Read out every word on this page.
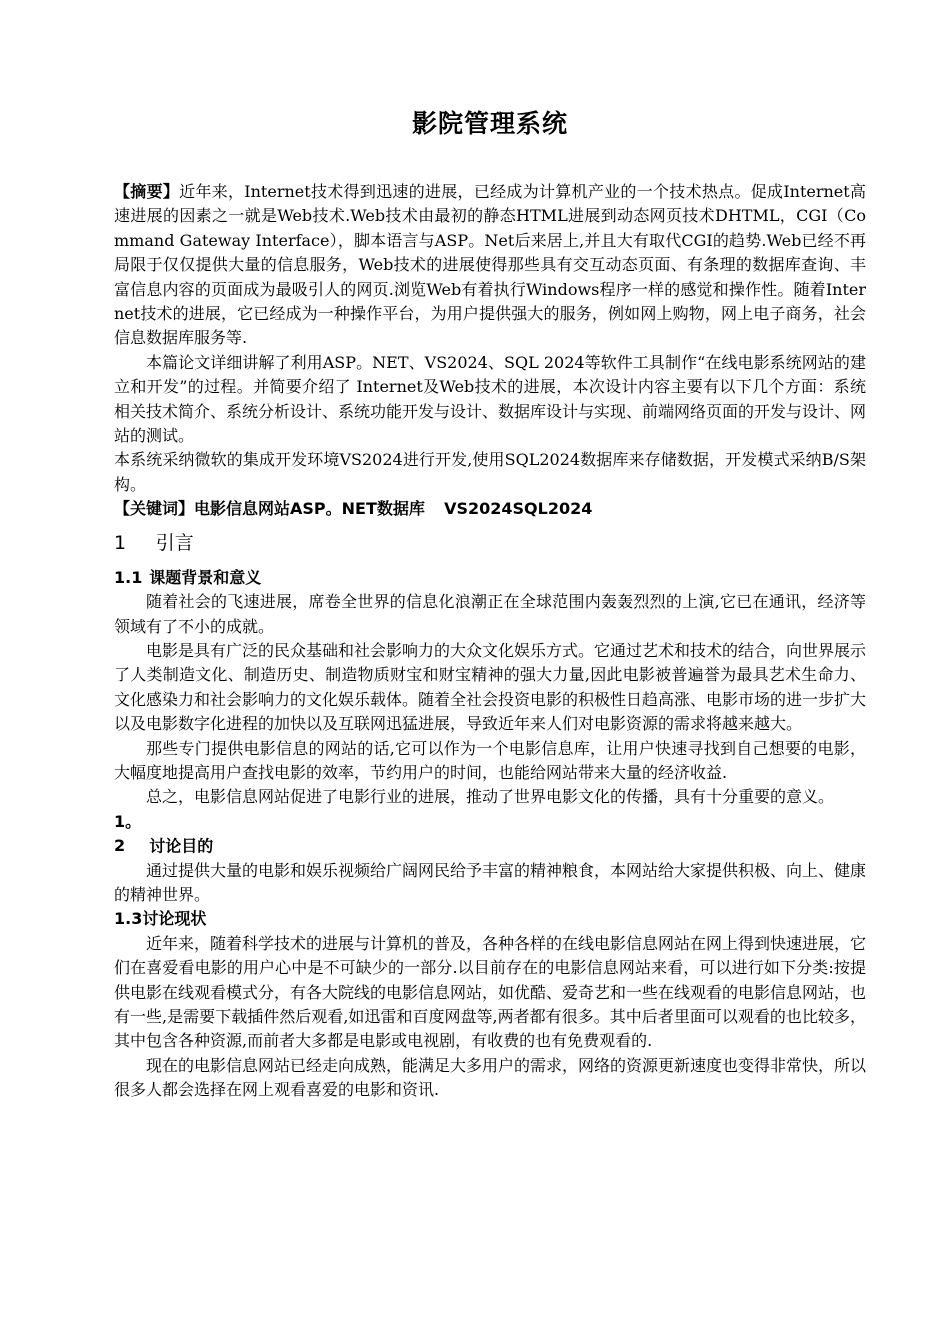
影院管理系统

【摘要】近年来，Internet技术得到迅速的进展，已经成为计算机产业的一个技术热点。促成Internet高速进展的因素之一就是Web技术.Web技术由最初的静态HTML进展到动态网页技术DHTML，CGI（Command Gateway Interface），脚本语言与ASP。Net后来居上,并且大有取代CGI的趋势.Web已经不再局限于仅仅提供大量的信息服务，Web技术的进展使得那些具有交互动态页面、有条理的数据库查询、丰富信息内容的页面成为最吸引人的网页.浏览Web有着执行Windows程序一样的感觉和操作性。随着Internet技术的进展，它已经成为一种操作平台，为用户提供强大的服务，例如网上购物，网上电子商务，社会信息数据库服务等.

本篇论文详细讲解了利用ASP。NET、VS2024、SQL 2024等软件工具制作“在线电影系统网站的建立和开发”的过程。并简要介绍了 Internet及Web技术的进展，本次设计内容主要有以下几个方面：系统相关技术简介、系统分析设计、系统功能开发与设计、数据库设计与实现、前端网络页面的开发与设计、网站的测试。

本系统采纳微软的集成开发环境VS2024进行开发,使用SQL2024数据库来存储数据，开发模式采纳B/S架构。

【关键词】电影信息网站ASP。NET数据库 VS2024SQL2024

1 引言
1.1 课题背景和意义

随着社会的飞速进展，席卷全世界的信息化浪潮正在全球范围内轰轰烈烈的上演,它已在通讯，经济等领域有了不小的成就。

电影是具有广泛的民众基础和社会影响力的大众文化娱乐方式。它通过艺术和技术的结合，向世界展示了人类制造文化、制造历史、制造物质财宝和财宝精神的强大力量,因此电影被普遍誉为最具艺术生命力、文化感染力和社会影响力的文化娱乐载体。随着全社会投资电影的积极性日趋高涨、电影市场的进一步扩大以及电影数字化进程的加快以及互联网迅猛进展，导致近年来人们对电影资源的需求将越来越大。

那些专门提供电影信息的网站的话,它可以作为一个电影信息库，让用户快速寻找到自己想要的电影，大幅度地提高用户查找电影的效率，节约用户的时间，也能给网站带来大量的经济收益.

总之，电影信息网站促进了电影行业的进展，推动了世界电影文化的传播，具有十分重要的意义。

1。2 讨论目的

通过提供大量的电影和娱乐视频给广阔网民给予丰富的精神粮食，本网站给大家提供积极、向上、健康的精神世界。

1.3讨论现状

近年来，随着科学技术的进展与计算机的普及，各种各样的在线电影信息网站在网上得到快速进展，它们在喜爱看电影的用户心中是不可缺少的一部分.以目前存在的电影信息网站来看，可以进行如下分类:按提供电影在线观看模式分，有各大院线的电影信息网站，如优酷、爱奇艺和一些在线观看的电影信息网站，也有一些,是需要下载插件然后观看,如迅雷和百度网盘等,两者都有很多。其中后者里面可以观看的也比较多，其中包含各种资源,而前者大多都是电影或电视剧，有收费的也有免费观看的.

现在的电影信息网站已经走向成熟，能满足大多用户的需求，网络的资源更新速度也变得非常快，所以很多人都会选择在网上观看喜爱的电影和资讯.
